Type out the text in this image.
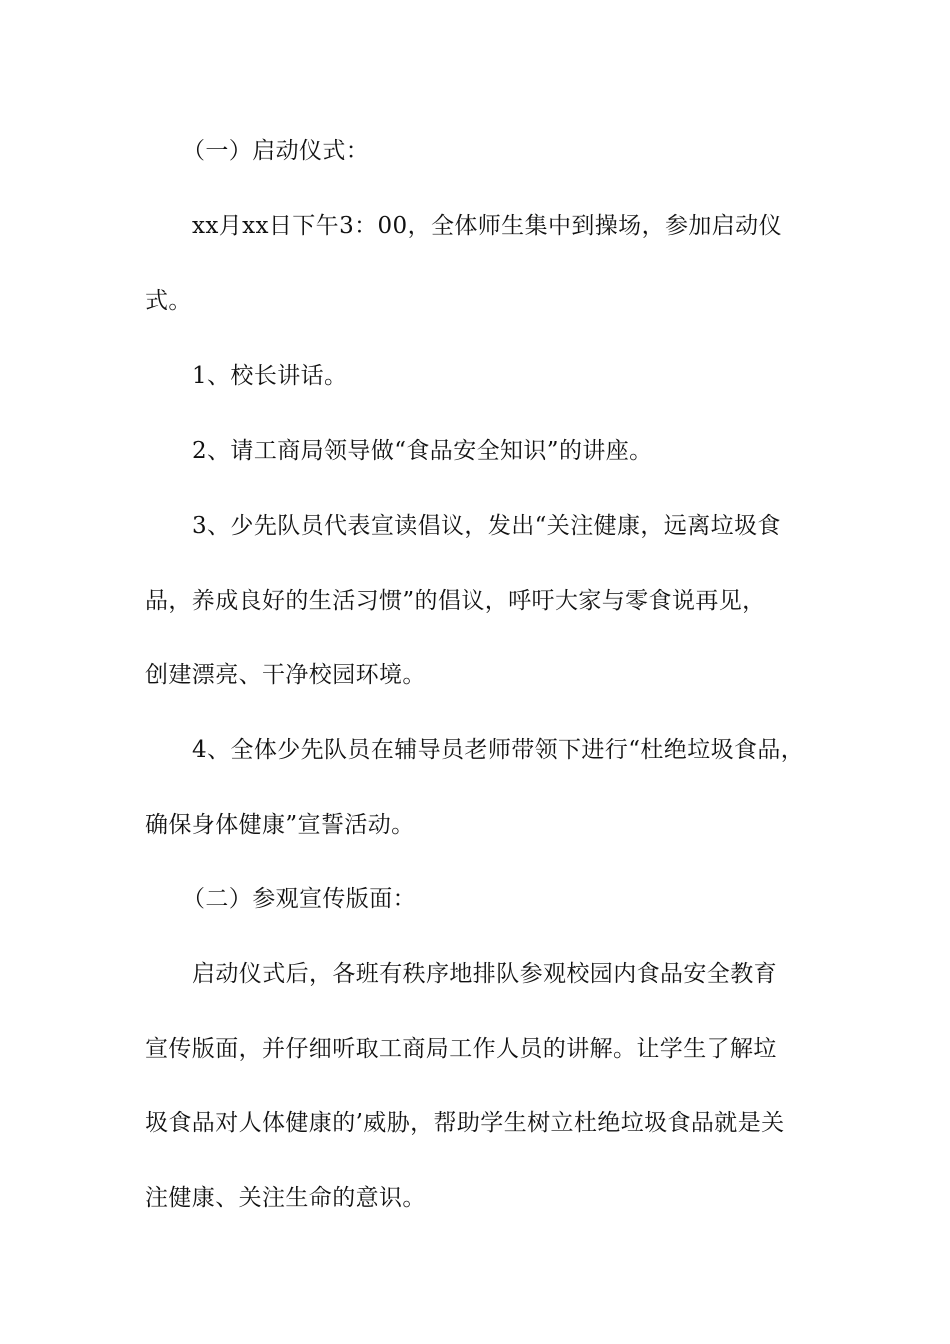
（一）启动仪式：
xx月xx日下午3：00，全体师生集中到操场，参加启动仪
式。
1、校长讲话。
2、请工商局领导做“食品安全知识”的讲座。
3、少先队员代表宣读倡议，发出“关注健康，远离垃圾食
品，养成良好的生活习惯”的倡议，呼吁大家与零食说再见，
创建漂亮、干净校园环境。
4、全体少先队员在辅导员老师带领下进行“杜绝垃圾食品，
确保身体健康”宣誓活动。
（二）参观宣传版面：
启动仪式后，各班有秩序地排队参观校园内食品安全教育
宣传版面，并仔细听取工商局工作人员的讲解。让学生了解垃
圾食品对人体健康的’威胁，帮助学生树立杜绝垃圾食品就是关
注健康、关注生命的意识。
